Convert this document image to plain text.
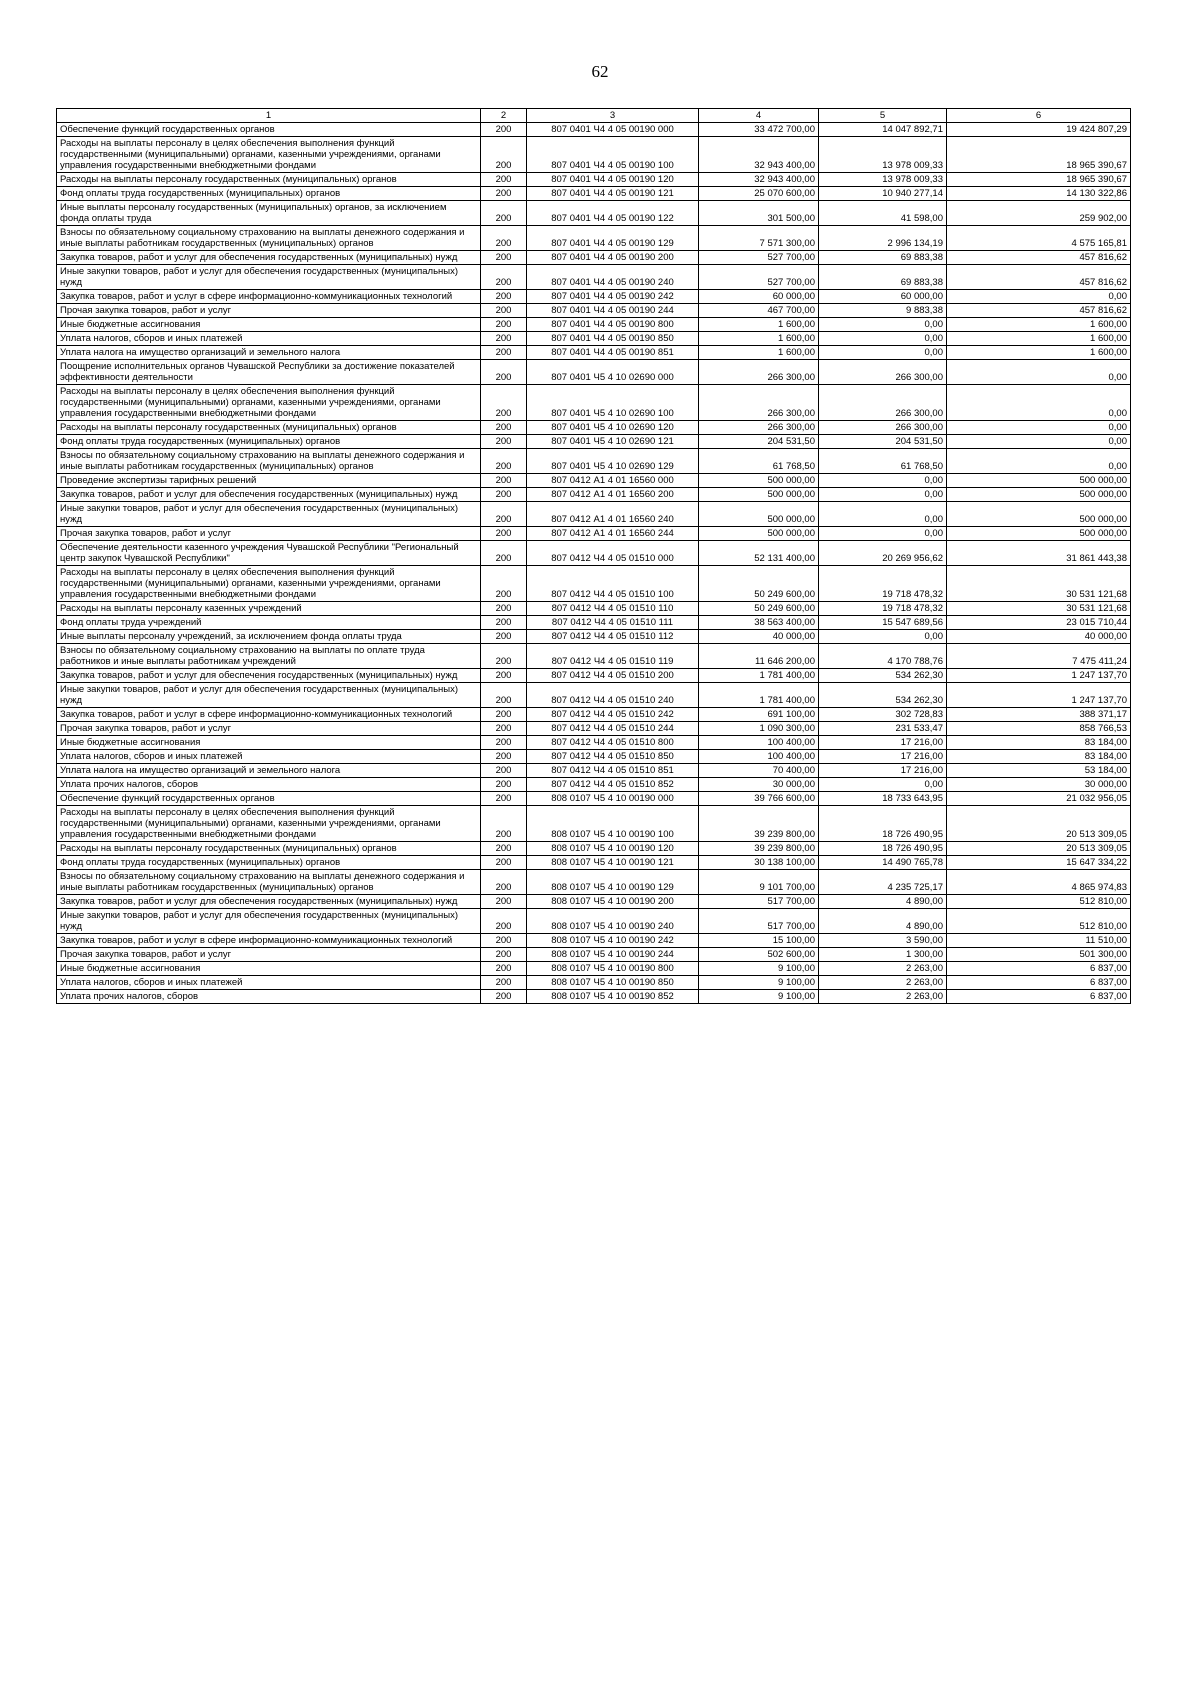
62
1	2	3	4	5	6
Обеспечение функций государственных органов	200	807 0401 Ч4 4 05 00190 000	33 472 700,00	14 047 892,71	19 424 807,29
Расходы на выплаты персоналу в целях обеспечения выполнения функций государственными (муниципальными) органами, казенными учреждениями, органами управления государственными внебюджетными фондами	200	807 0401 Ч4 4 05 00190 100	32 943 400,00	13 978 009,33	18 965 390,67
Расходы на выплаты персоналу государственных (муниципальных) органов	200	807 0401 Ч4 4 05 00190 120	32 943 400,00	13 978 009,33	18 965 390,67
Фонд оплаты труда государственных (муниципальных) органов	200	807 0401 Ч4 4 05 00190 121	25 070 600,00	10 940 277,14	14 130 322,86
Иные выплаты персоналу государственных (муниципальных) органов, за исключением фонда оплаты труда	200	807 0401 Ч4 4 05 00190 122	301 500,00	41 598,00	259 902,00
Взносы по обязательному социальному страхованию на выплаты денежного содержания и иные выплаты работникам государственных (муниципальных) органов	200	807 0401 Ч4 4 05 00190 129	7 571 300,00	2 996 134,19	4 575 165,81
Закупка товаров, работ и услуг для обеспечения государственных (муниципальных) нужд	200	807 0401 Ч4 4 05 00190 200	527 700,00	69 883,38	457 816,62
Иные закупки товаров, работ и услуг для обеспечения государственных (муниципальных) нужд	200	807 0401 Ч4 4 05 00190 240	527 700,00	69 883,38	457 816,62
Закупка товаров, работ и услуг в сфере информационно-коммуникационных технологий	200	807 0401 Ч4 4 05 00190 242	60 000,00	60 000,00	0,00
Прочая закупка товаров, работ и услуг	200	807 0401 Ч4 4 05 00190 244	467 700,00	9 883,38	457 816,62
Иные бюджетные ассигнования	200	807 0401 Ч4 4 05 00190 800	1 600,00	0,00	1 600,00
Уплата налогов, сборов и иных платежей	200	807 0401 Ч4 4 05 00190 850	1 600,00	0,00	1 600,00
Уплата налога на имущество организаций и земельного налога	200	807 0401 Ч4 4 05 00190 851	1 600,00	0,00	1 600,00
Поощрение исполнительных органов Чувашской Республики за достижение показателей эффективности деятельности	200	807 0401 Ч5 4 10 02690 000	266 300,00	266 300,00	0,00
Расходы на выплаты персоналу в целях обеспечения выполнения функций государственными (муниципальными) органами, казенными учреждениями, органами управления государственными внебюджетными фондами	200	807 0401 Ч5 4 10 02690 100	266 300,00	266 300,00	0,00
Расходы на выплаты персоналу государственных (муниципальных) органов	200	807 0401 Ч5 4 10 02690 120	266 300,00	266 300,00	0,00
Фонд оплаты труда государственных (муниципальных) органов	200	807 0401 Ч5 4 10 02690 121	204 531,50	204 531,50	0,00
Взносы по обязательному социальному страхованию на выплаты денежного содержания и иные выплаты работникам государственных (муниципальных) органов	200	807 0401 Ч5 4 10 02690 129	61 768,50	61 768,50	0,00
Проведение экспертизы тарифных решений	200	807 0412 А1 4 01 16560 000	500 000,00	0,00	500 000,00
Закупка товаров, работ и услуг для обеспечения государственных (муниципальных) нужд	200	807 0412 А1 4 01 16560 200	500 000,00	0,00	500 000,00
Иные закупки товаров, работ и услуг для обеспечения государственных (муниципальных) нужд	200	807 0412 А1 4 01 16560 240	500 000,00	0,00	500 000,00
Прочая закупка товаров, работ и услуг	200	807 0412 А1 4 01 16560 244	500 000,00	0,00	500 000,00
Обеспечение деятельности казенного учреждения Чувашской Республики "Региональный центр закупок Чувашской Республики"	200	807 0412 Ч4 4 05 01510 000	52 131 400,00	20 269 956,62	31 861 443,38
Расходы на выплаты персоналу в целях обеспечения выполнения функций государственными (муниципальными) органами, казенными учреждениями, органами управления государственными внебюджетными фондами	200	807 0412 Ч4 4 05 01510 100	50 249 600,00	19 718 478,32	30 531 121,68
Расходы на выплаты персоналу казенных учреждений	200	807 0412 Ч4 4 05 01510 110	50 249 600,00	19 718 478,32	30 531 121,68
Фонд оплаты труда учреждений	200	807 0412 Ч4 4 05 01510 111	38 563 400,00	15 547 689,56	23 015 710,44
Иные выплаты персоналу учреждений, за исключением фонда оплаты труда	200	807 0412 Ч4 4 05 01510 112	40 000,00	0,00	40 000,00
Взносы по обязательному социальному страхованию на выплаты по оплате труда работников и иные выплаты работникам учреждений	200	807 0412 Ч4 4 05 01510 119	11 646 200,00	4 170 788,76	7 475 411,24
Закупка товаров, работ и услуг для обеспечения государственных (муниципальных) нужд	200	807 0412 Ч4 4 05 01510 200	1 781 400,00	534 262,30	1 247 137,70
Иные закупки товаров, работ и услуг для обеспечения государственных (муниципальных) нужд	200	807 0412 Ч4 4 05 01510 240	1 781 400,00	534 262,30	1 247 137,70
Закупка товаров, работ и услуг в сфере информационно-коммуникационных технологий	200	807 0412 Ч4 4 05 01510 242	691 100,00	302 728,83	388 371,17
Прочая закупка товаров, работ и услуг	200	807 0412 Ч4 4 05 01510 244	1 090 300,00	231 533,47	858 766,53
Иные бюджетные ассигнования	200	807 0412 Ч4 4 05 01510 800	100 400,00	17 216,00	83 184,00
Уплата налогов, сборов и иных платежей	200	807 0412 Ч4 4 05 01510 850	100 400,00	17 216,00	83 184,00
Уплата налога на имущество организаций и земельного налога	200	807 0412 Ч4 4 05 01510 851	70 400,00	17 216,00	53 184,00
Уплата прочих налогов, сборов	200	807 0412 Ч4 4 05 01510 852	30 000,00	0,00	30 000,00
Обеспечение функций государственных органов	200	808 0107 Ч5 4 10 00190 000	39 766 600,00	18 733 643,95	21 032 956,05
Расходы на выплаты персоналу в целях обеспечения выполнения функций государственными (муниципальными) органами, казенными учреждениями, органами управления государственными внебюджетными фондами	200	808 0107 Ч5 4 10 00190 100	39 239 800,00	18 726 490,95	20 513 309,05
Расходы на выплаты персоналу государственных (муниципальных) органов	200	808 0107 Ч5 4 10 00190 120	39 239 800,00	18 726 490,95	20 513 309,05
Фонд оплаты труда государственных (муниципальных) органов	200	808 0107 Ч5 4 10 00190 121	30 138 100,00	14 490 765,78	15 647 334,22
Взносы по обязательному социальному страхованию на выплаты денежного содержания и иные выплаты работникам государственных (муниципальных) органов	200	808 0107 Ч5 4 10 00190 129	9 101 700,00	4 235 725,17	4 865 974,83
Закупка товаров, работ и услуг для обеспечения государственных (муниципальных) нужд	200	808 0107 Ч5 4 10 00190 200	517 700,00	4 890,00	512 810,00
Иные закупки товаров, работ и услуг для обеспечения государственных (муниципальных) нужд	200	808 0107 Ч5 4 10 00190 240	517 700,00	4 890,00	512 810,00
Закупка товаров, работ и услуг в сфере информационно-коммуникационных технологий	200	808 0107 Ч5 4 10 00190 242	15 100,00	3 590,00	11 510,00
Прочая закупка товаров, работ и услуг	200	808 0107 Ч5 4 10 00190 244	502 600,00	1 300,00	501 300,00
Иные бюджетные ассигнования	200	808 0107 Ч5 4 10 00190 800	9 100,00	2 263,00	6 837,00
Уплата налогов, сборов и иных платежей	200	808 0107 Ч5 4 10 00190 850	9 100,00	2 263,00	6 837,00
Уплата прочих налогов, сборов	200	808 0107 Ч5 4 10 00190 852	9 100,00	2 263,00	6 837,00
